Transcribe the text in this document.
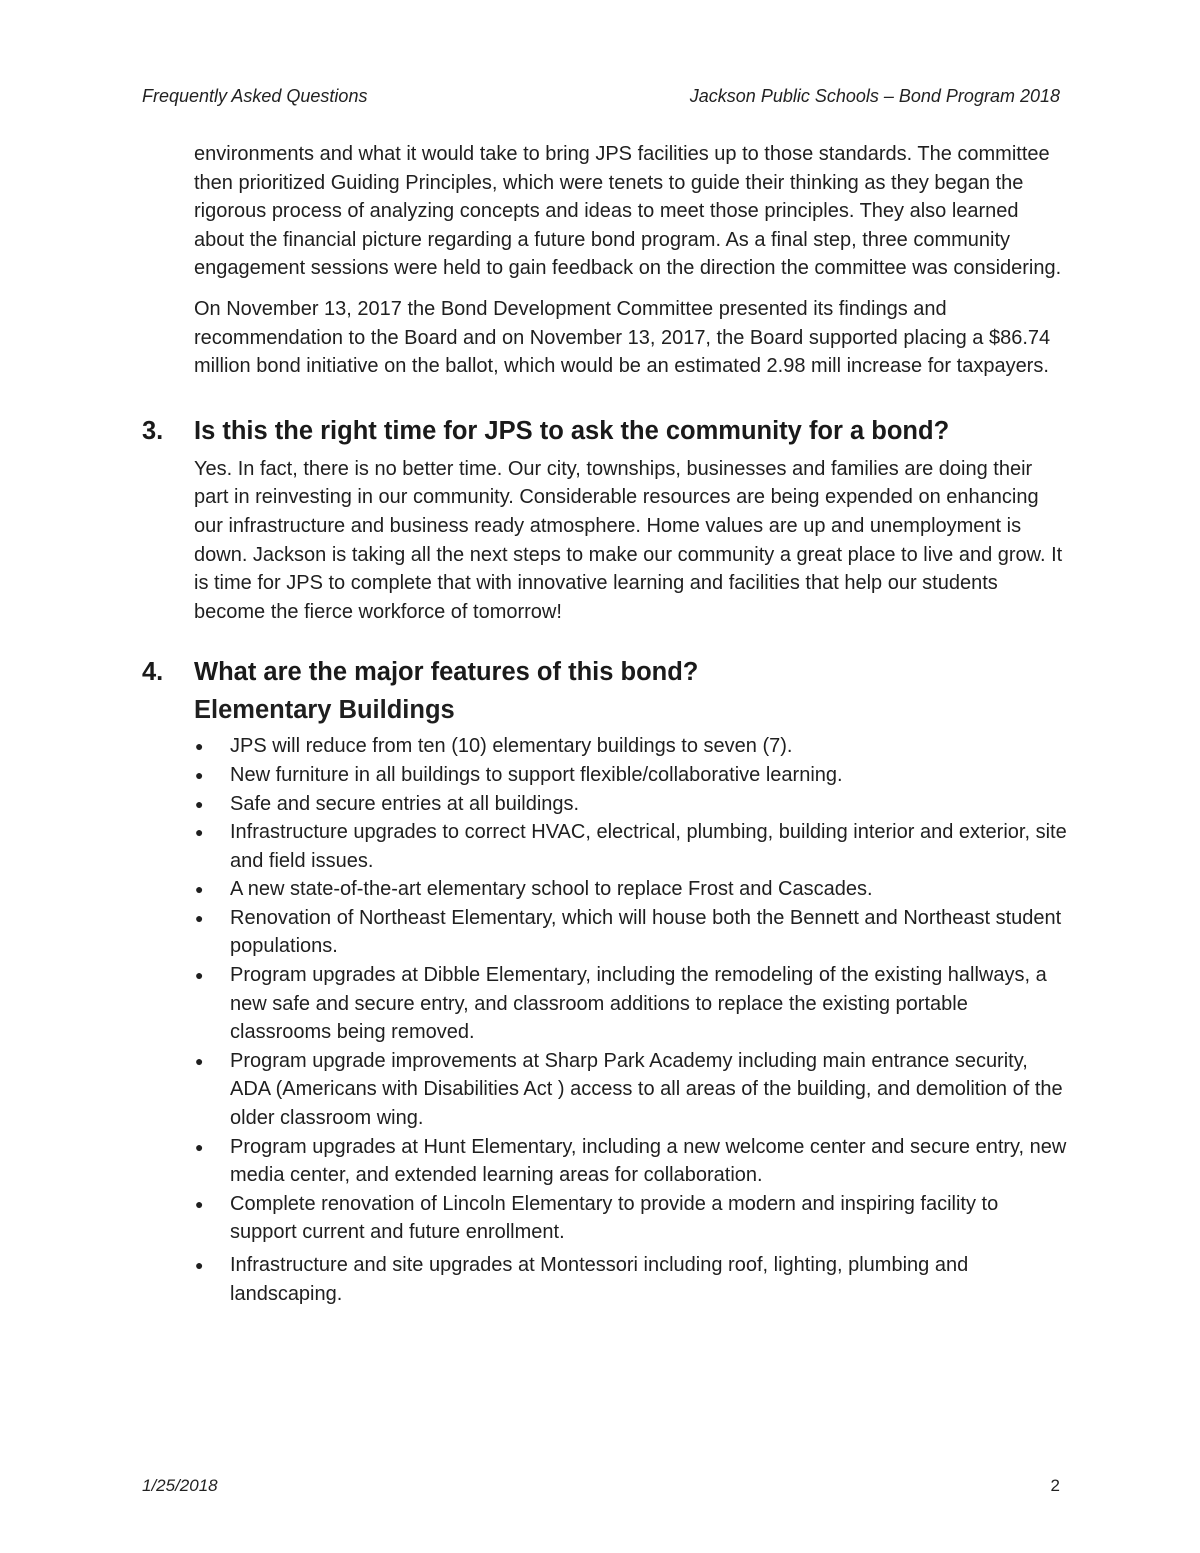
Frequently Asked Questions	Jackson Public Schools – Bond Program 2018

environments and what it would take to bring JPS facilities up to those standards. The committee then prioritized Guiding Principles, which were tenets to guide their thinking as they began the rigorous process of analyzing concepts and ideas to meet those principles. They also learned about the financial picture regarding a future bond program. As a final step, three community engagement sessions were held to gain feedback on the direction the committee was considering.

On November 13, 2017 the Bond Development Committee presented its findings and recommendation to the Board and on November 13, 2017, the Board supported placing a $86.74 million bond initiative on the ballot, which would be an estimated 2.98 mill increase for taxpayers.

3. Is this the right time for JPS to ask the community for a bond?

Yes. In fact, there is no better time. Our city, townships, businesses and families are doing their part in reinvesting in our community. Considerable resources are being expended on enhancing our infrastructure and business ready atmosphere. Home values are up and unemployment is down. Jackson is taking all the next steps to make our community a great place to live and grow. It is time for JPS to complete that with innovative learning and facilities that help our students become the fierce workforce of tomorrow!

4. What are the major features of this bond?
Elementary Buildings
● JPS will reduce from ten (10) elementary buildings to seven (7).
● New furniture in all buildings to support flexible/collaborative learning.
● Safe and secure entries at all buildings.
● Infrastructure upgrades to correct HVAC, electrical, plumbing, building interior and exterior, site and field issues.
● A new state-of-the-art elementary school to replace Frost and Cascades.
● Renovation of Northeast Elementary, which will house both the Bennett and Northeast student populations.
● Program upgrades at Dibble Elementary, including the remodeling of the existing hallways, a new safe and secure entry, and classroom additions to replace the existing portable classrooms being removed.
● Program upgrade improvements at Sharp Park Academy including main entrance security, ADA (Americans with Disabilities Act ) access to all areas of the building, and demolition of the older classroom wing.
● Program upgrades at Hunt Elementary, including a new welcome center and secure entry, new media center, and extended learning areas for collaboration.
● Complete renovation of Lincoln Elementary to provide a modern and inspiring facility to support current and future enrollment.
● Infrastructure and site upgrades at Montessori including roof, lighting, plumbing and landscaping.
1/25/2018	2
